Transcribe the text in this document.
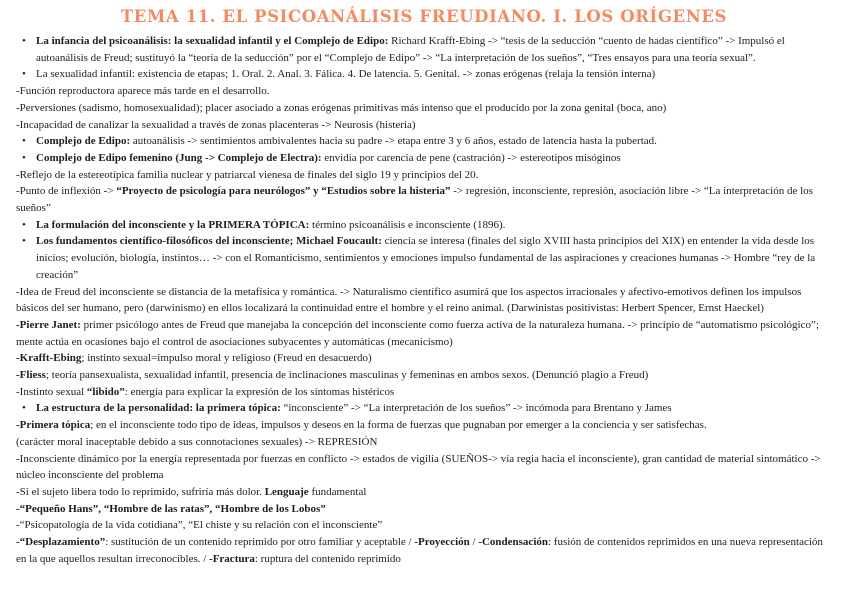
TEMA 11. EL PSICOANÁLISIS FREUDIANO. I. LOS ORÍGENES

• La infancia del psicoanálisis: la sexualidad infantil y el Complejo de Edipo: Richard Krafft-Ebing -> “tesis de la seducción “cuento de hadas científico” -> Impulsó el autoanálisis de Freud; sustituyó la “teoría de la seducción” por el “Complejo de Edipo” -> “La interpretación de los sueños”, “Tres ensayos para una teoría sexual”.

• La sexualidad infantil: existencia de etapas; 1. Oral. 2. Anal. 3. Fálica. 4. De latencia. 5. Genital. -> zonas erógenas (relaja la tensión interna)

-Función reproductora aparece más tarde en el desarrollo.

-Perversiones (sadismo, homosexualidad); placer asociado a zonas erógenas primitivas más intenso que el producido por la zona genital (boca, ano)

-Incapacidad de canalizar la sexualidad a través de zonas placenteras -> Neurosis (histeria)

• Complejo de Edipo: autoanálisis -> sentimientos ambivalentes hacia su padre -> etapa entre 3 y 6 años, estado de latencia hasta la pubertad.

• Complejo de Edipo femenino (Jung -> Complejo de Electra): envidia por carencia de pene (castración) -> estereotipos misóginos

-Reflejo de la estereotípica familia nuclear y patriarcal vienesa de finales del siglo 19 y principios del 20.

-Punto de inflexión -> “Proyecto de psicología para neurólogos” y “Estudios sobre la histeria” -> regresión, inconsciente, represión, asociación libre -> “La interpretación de los sueños”

• La formulación del inconsciente y la PRIMERA TÓPICA: término psicoanálisis e inconsciente (1896).

• Los fundamentos científico-filosóficos del inconsciente; Michael Foucault: ciencia se interesa (finales del siglo XVIII hasta principios del XIX) en entender la vida desde los inicios; evolución, biología, instintos… -> con el Romanticismo, sentimientos y emociones impulso fundamental de las aspiraciones y creaciones humanas -> Hombre “rey de la creación”

-Idea de Freud del inconsciente se distancia de la metafísica y romántica. -> Naturalismo científico asumirá que los aspectos irracionales y afectivo-emotivos definen los impulsos básicos del ser humano, pero (darwinismo) en ellos localizará la continuidad entre el hombre y el reino animal. (Darwinistas positivistas: Herbert Spencer, Ernst Haeckel)

-Pierre Janet: primer psicólogo antes de Freud que manejaba la concepción del inconsciente como fuerza activa de la naturaleza humana. -> principio de “automatismo psicológico”; mente actúa en ocasiones bajo el control de asociaciones subyacentes y automáticas (mecanicismo)

-Krafft-Ebing; instinto sexual=impulso moral y religioso (Freud en desacuerdo)

-Fliess; teoría pansexualista, sexualidad infantil, presencia de inclinaciones masculinas y femeninas en ambos sexos. (Denunció plagio a Freud)

-Instinto sexual “libido”: energía para explicar la expresión de los síntomas histéricos

• La estructura de la personalidad: la primera tópica: “inconsciente” -> “La interpretación de los sueños” -> incómoda para Brentano y James

-Primera tópica; en el inconsciente todo tipo de ideas, impulsos y deseos en la forma de fuerzas que pugnaban por emerger a la conciencia y ser satisfechas.

(carácter moral inaceptable debido a sus connotaciones sexuales) -> REPRESIÓN

-Inconsciente dinámico por la energía representada por fuerzas en conflicto -> estados de vigilia (SUEÑOS-> vía regia hacia el inconsciente), gran cantidad de material sintomático -> núcleo inconsciente del problema

-Si el sujeto libera todo lo reprimido, sufriría más dolor. Lenguaje fundamental

-“Pequeño Hans”, “Hombre de las ratas”, “Hombre de los Lobos”

-“Psicopatología de la vida cotidiana”, “El chiste y su relación con el inconsciente”

-“Desplazamiento”: sustitución de un contenido reprimido por otro familiar y aceptable / -Proyección / -Condensación: fusión de contenidos reprimidos en una nueva representación en la que aquellos resultan irreconocibles. / -Fractura: ruptura del contenido reprimido
